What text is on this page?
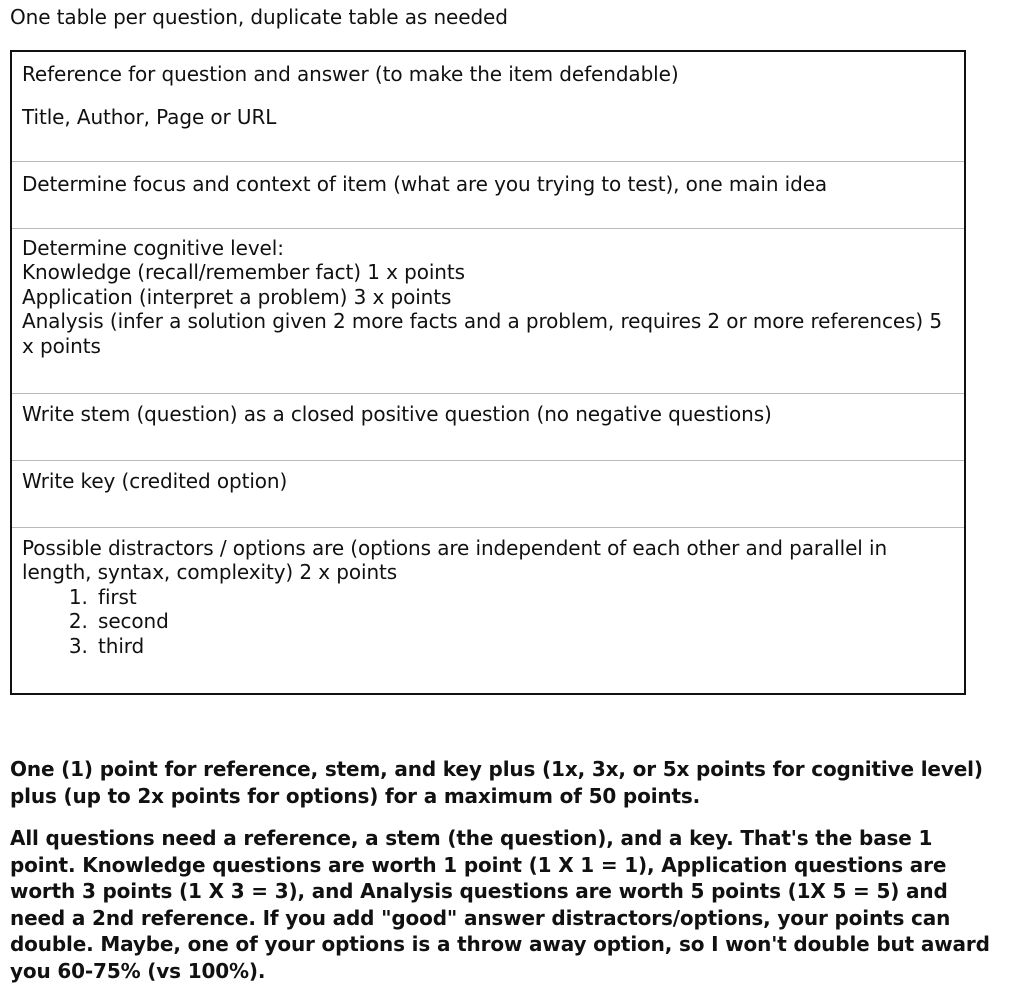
One table per question, duplicate table as needed
Reference for question and answer (to make the item defendable)
Title, Author, Page or URL

Determine focus and context of item (what are you trying to test), one main idea

Determine cognitive level:
Knowledge (recall/remember fact) 1 x points
Application (interpret a problem) 3 x points
Analysis (infer a solution given 2 more facts and a problem, requires 2 or more references) 5 x points

Write stem (question) as a closed positive question (no negative questions)

Write key (credited option)

Possible distractors / options are (options are independent of each other and parallel in length, syntax, complexity) 2 x points
1. first
2. second
3. third

One (1) point for reference, stem, and key plus (1x, 3x, or 5x points for cognitive level) plus (up to 2x points for options) for a maximum of 50 points.

All questions need a reference, a stem (the question), and a key. That's the base 1 point. Knowledge questions are worth 1 point (1 X 1 = 1), Application questions are worth 3 points (1 X 3 = 3), and Analysis questions are worth 5 points (1X 5 = 5) and need a 2nd reference. If you add "good" answer distractors/options, your points can double. Maybe, one of your options is a throw away option, so I won't double but award you 60-75% (vs 100%).
